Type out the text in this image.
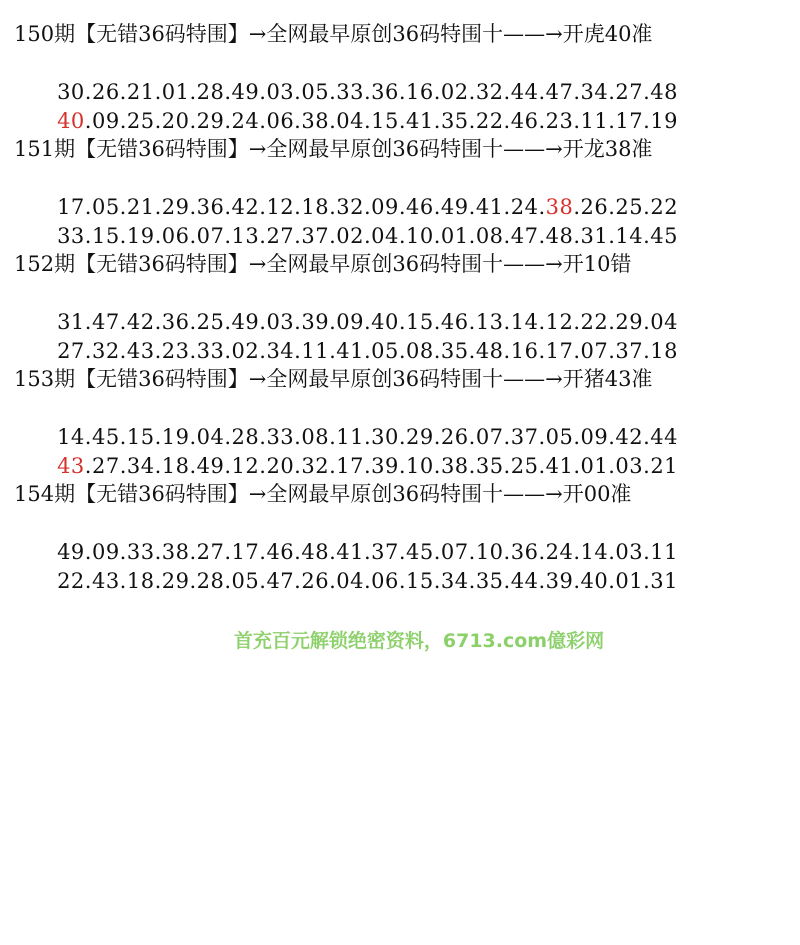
150期【无错36码特围】→全网最早原创36码特围十——→开虎40准

30.26.21.01.28.49.03.05.33.36.16.02.32.44.47.34.27.48

40.09.25.20.29.24.06.38.04.15.41.35.22.46.23.11.17.19

151期【无错36码特围】→全网最早原创36码特围十——→开龙38准

17.05.21.29.36.42.12.18.32.09.46.49.41.24.38.26.25.22

33.15.19.06.07.13.27.37.02.04.10.01.08.47.48.31.14.45

152期【无错36码特围】→全网最早原创36码特围十——→开10错

31.47.42.36.25.49.03.39.09.40.15.46.13.14.12.22.29.04

27.32.43.23.33.02.34.11.41.05.08.35.48.16.17.07.37.18

153期【无错36码特围】→全网最早原创36码特围十——→开猪43准

14.45.15.19.04.28.33.08.11.30.29.26.07.37.05.09.42.44

43.27.34.18.49.12.20.32.17.39.10.38.35.25.41.01.03.21

154期【无错36码特围】→全网最早原创36码特围十——→开00准

49.09.33.38.27.17.46.48.41.37.45.07.10.36.24.14.03.11

22.43.18.29.28.05.47.26.04.06.15.34.35.44.39.40.01.31

首充百元解锁绝密资料，6713.com億彩网
